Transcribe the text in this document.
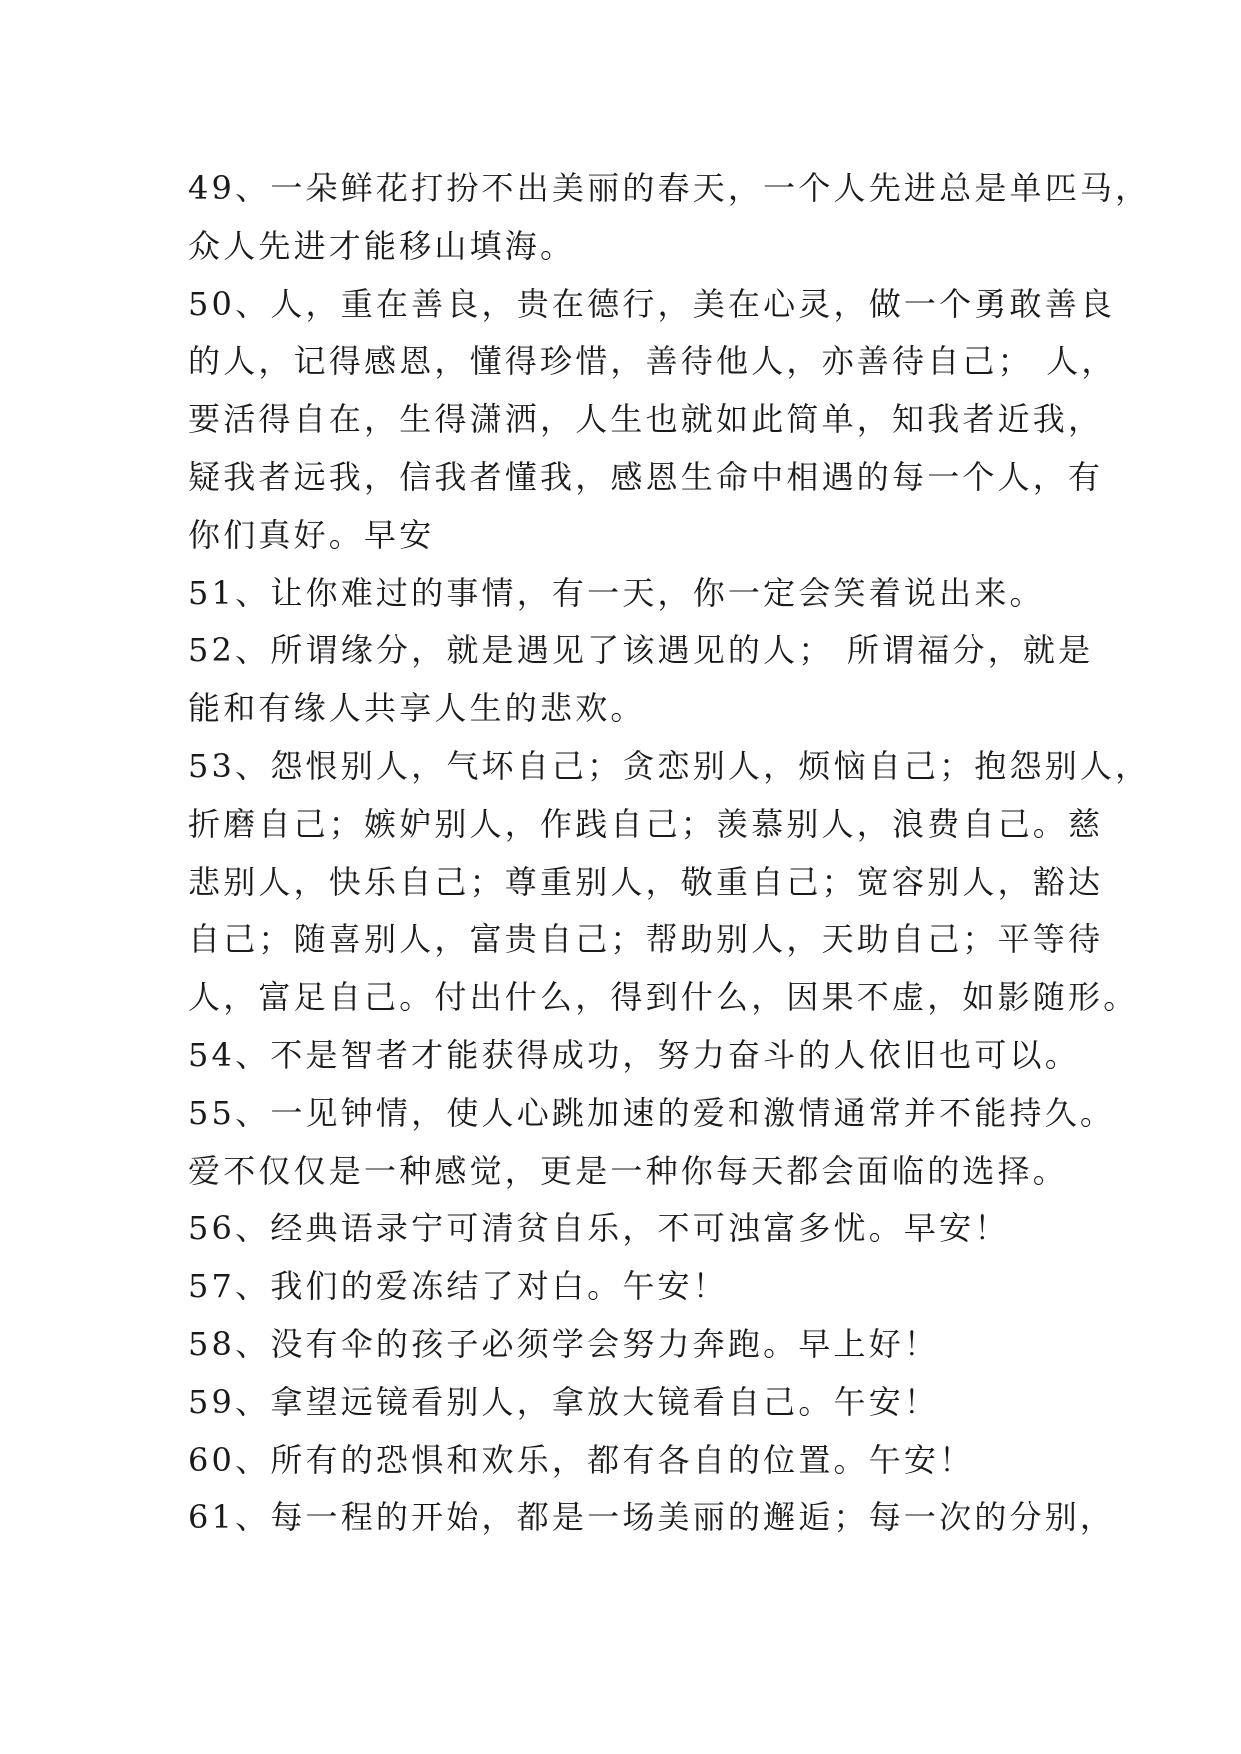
49、一朵鲜花打扮不出美丽的春天，一个人先进总是单匹马，
众人先进才能移山填海。
50、人，重在善良，贵在德行，美在心灵，做一个勇敢善良
的人，记得感恩，懂得珍惜，善待他人，亦善待自己； 人，
要活得自在，生得潇洒，人生也就如此简单，知我者近我，
疑我者远我，信我者懂我，感恩生命中相遇的每一个人，有
你们真好。早安
51、让你难过的事情，有一天，你一定会笑着说出来。
52、所谓缘分，就是遇见了该遇见的人； 所谓福分，就是
能和有缘人共享人生的悲欢。
53、怨恨别人，气坏自己；贪恋别人，烦恼自己；抱怨别人，
折磨自己；嫉妒别人，作践自己；羡慕别人，浪费自己。慈
悲别人，快乐自己；尊重别人，敬重自己；宽容别人，豁达
自己；随喜别人，富贵自己；帮助别人，天助自己；平等待
人，富足自己。付出什么，得到什么，因果不虚，如影随形。
54、不是智者才能获得成功，努力奋斗的人依旧也可以。
55、一见钟情，使人心跳加速的爱和激情通常并不能持久。
爱不仅仅是一种感觉，更是一种你每天都会面临的选择。
56、经典语录宁可清贫自乐，不可浊富多忧。早安！
57、我们的爱冻结了对白。午安！
58、没有伞的孩子必须学会努力奔跑。早上好！
59、拿望远镜看别人，拿放大镜看自己。午安！
60、所有的恐惧和欢乐，都有各自的位置。午安！
61、每一程的开始，都是一场美丽的邂逅；每一次的分别，
